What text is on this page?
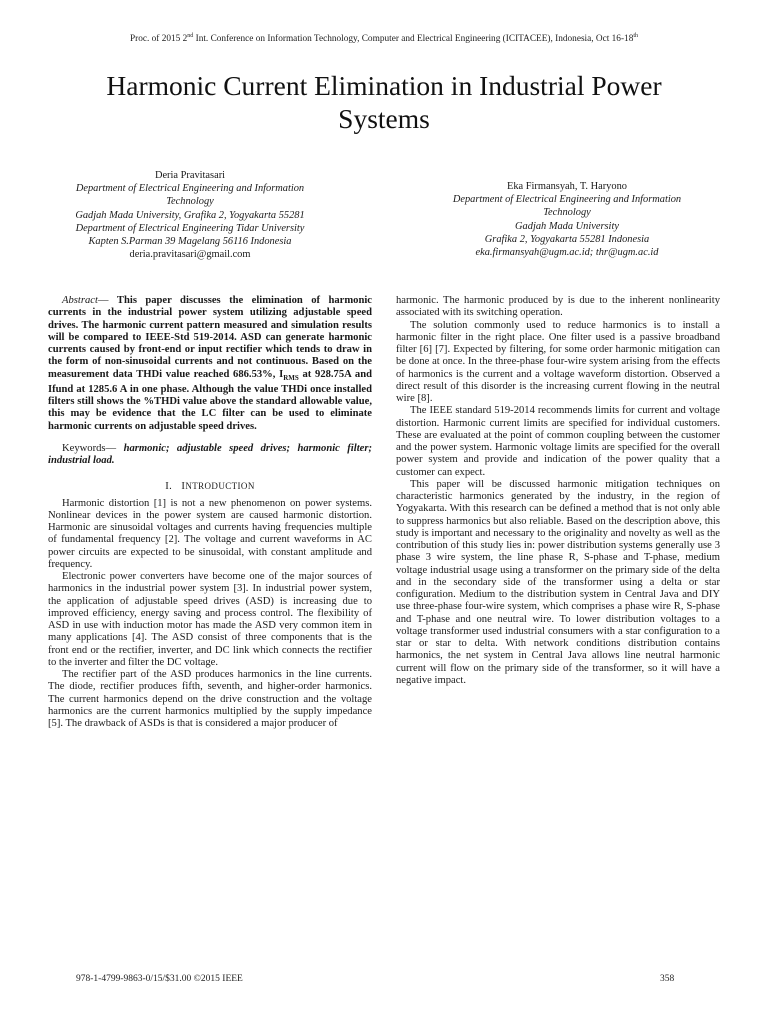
Proc. of 2015 2nd Int. Conference on Information Technology, Computer and Electrical Engineering (ICITACEE), Indonesia, Oct 16-18th
Harmonic Current Elimination in Industrial Power Systems
Deria Pravitasari
Department of Electrical Engineering and Information
Technology
Gadjah Mada University, Grafika 2, Yogyakarta 55281
Department of Electrical Engineering Tidar University
Kapten S.Parman 39 Magelang 56116 Indonesia
deria.pravitasari@gmail.com
Eka Firmansyah, T. Haryono
Department of Electrical Engineering and Information
Technology
Gadjah Mada University
Grafika 2, Yogyakarta 55281 Indonesia
eka.firmansyah@ugm.ac.id; thr@ugm.ac.id

Abstract— This paper discusses the elimination of harmonic currents in the industrial power system utilizing adjustable speed drives. The harmonic current pattern measured and simulation results will be compared to IEEE-Std 519-2014. ASD can generate harmonic currents caused by front-end or input rectifier which tends to draw in the form of non-sinusoidal currents and not continuous. Based on the measurement data THDi value reached 686.53%, $I_{RMS}$ at 928.75A and Ifund at 1285.6 A in one phase. Although the value THDi once installed filters still shows the %THDi value above the standard allowable value, this may be evidence that the LC filter can be used to eliminate harmonic currents on adjustable speed drives.

Keywords— harmonic; adjustable speed drives; harmonic filter; industrial load.

I. INTRODUCTION

Harmonic distortion [1] is not a new phenomenon on power systems. Nonlinear devices in the power system are caused harmonic distortion. Harmonic are sinusoidal voltages and currents having frequencies multiple of fundamental frequency [2]. The voltage and current waveforms in AC power circuits are expected to be sinusoidal, with constant amplitude and frequency.

Electronic power converters have become one of the major sources of harmonics in the industrial power system [3]. In industrial power system, the application of adjustable speed drives (ASD) is increasing due to improved efficiency, energy saving and process control. The flexibility of ASD in use with induction motor has made the ASD very common item in many applications [4]. The ASD consist of three components that is the front end or the rectifier, inverter, and DC link which connects the rectifier to the inverter and filter the DC voltage.

The rectifier part of the ASD produces harmonics in the line currents. The diode, rectifier produces fifth, seventh, and higher-order harmonics. The current harmonics depend on the drive construction and the voltage harmonics are the current harmonics multiplied by the supply impedance [5]. The drawback of ASDs is that is considered a major producer of

harmonic. The harmonic produced by is due to the inherent nonlinearity associated with its switching operation.

The solution commonly used to reduce harmonics is to install a harmonic filter in the right place. One filter used is a passive broadband filter [6] [7]. Expected by filtering, for some order harmonic mitigation can be done at once. In the three-phase four-wire system arising from the effects of harmonics is the current and a voltage waveform distortion. Observed a direct result of this disorder is the increasing current flowing in the neutral wire [8].

The IEEE standard 519-2014 recommends limits for current and voltage distortion. Harmonic current limits are specified for individual customers. These are evaluated at the point of common coupling between the customer and the power system. Harmonic voltage limits are specified for the overall power system and provide and indication of the power quality that a customer can expect.

This paper will be discussed harmonic mitigation techniques on characteristic harmonics generated by the industry, in the region of Yogyakarta. With this research can be defined a method that is not only able to suppress harmonics but also reliable. Based on the description above, this study is important and necessary to the originality and novelty as well as the contribution of this study lies in: power distribution systems generally use 3 phase 3 wire system, the line phase R, S-phase and T-phase, medium voltage industrial usage using a transformer on the primary side of the delta and in the secondary side of the transformer using a delta or star configuration. Medium to the distribution system in Central Java and DIY use three-phase four-wire system, which comprises a phase wire R, S-phase and T-phase and one neutral wire. To lower distribution voltages to a voltage transformer used industrial consumers with a star configuration to a star or star to delta. With network conditions distribution contains harmonics, the net system in Central Java allows line neutral harmonic current will flow on the primary side of the transformer, so it will have a negative impact.

978-1-4799-9863-0/15/$31.00 ©2015 IEEE	358
